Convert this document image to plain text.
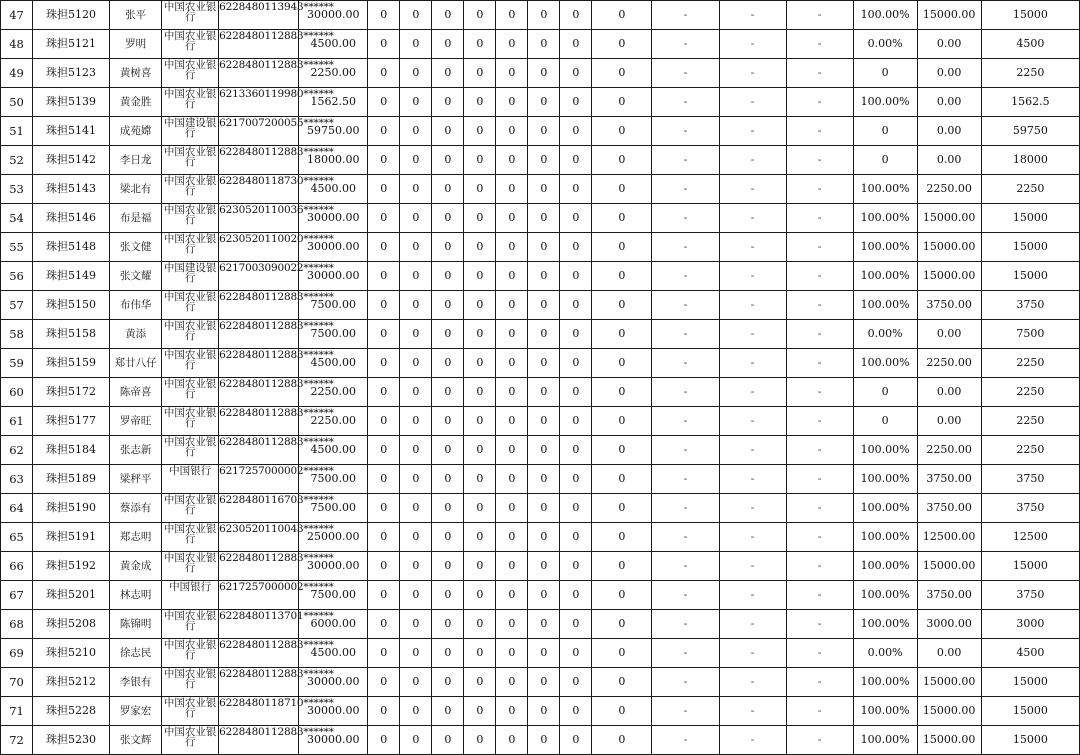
47	珠担5120	张平	中国农业银行	6228480113943******	30000.00	0	0	0	0	0	0	0	0	-	-	-	100.00%	15000.00	15000
48	珠担5121	罗明	中国农业银行	6228480112883******	4500.00	0	0	0	0	0	0	0	0	-	-	-	0.00%	0.00	4500
49	珠担5123	黄树喜	中国农业银行	6228480112883******	2250.00	0	0	0	0	0	0	0	0	-	-	-	0	0.00	2250
50	珠担5139	黄金胜	中国农业银行	6213360119980******	1562.50	0	0	0	0	0	0	0	0	-	-	-	100.00%	0.00	1562.5
51	珠担5141	成苑嫦	中国建设银行	6217007200055******	59750.00	0	0	0	0	0	0	0	0	-	-	-	0	0.00	59750
52	珠担5142	李日龙	中国农业银行	6228480112883******	18000.00	0	0	0	0	0	0	0	0	-	-	-	0	0.00	18000
53	珠担5143	梁北有	中国农业银行	6228480118730******	4500.00	0	0	0	0	0	0	0	0	-	-	-	100.00%	2250.00	2250
54	珠担5146	布是福	中国农业银行	6230520110036******	30000.00	0	0	0	0	0	0	0	0	-	-	-	100.00%	15000.00	15000
55	珠担5148	张文健	中国农业银行	6230520110020******	30000.00	0	0	0	0	0	0	0	0	-	-	-	100.00%	15000.00	15000
56	珠担5149	张文耀	中国建设银行	6217003090022******	30000.00	0	0	0	0	0	0	0	0	-	-	-	100.00%	15000.00	15000
57	珠担5150	布伟华	中国农业银行	6228480112883******	7500.00	0	0	0	0	0	0	0	0	-	-	-	100.00%	3750.00	3750
58	珠担5158	黄添	中国农业银行	6228480112883******	7500.00	0	0	0	0	0	0	0	0	-	-	-	0.00%	0.00	7500
59	珠担5159	郑廿八仔	中国农业银行	6228480112883******	4500.00	0	0	0	0	0	0	0	0	-	-	-	100.00%	2250.00	2250
60	珠担5172	陈帝喜	中国农业银行	6228480112883******	2250.00	0	0	0	0	0	0	0	0	-	-	-	0	0.00	2250
61	珠担5177	罗帝旺	中国农业银行	6228480112883******	2250.00	0	0	0	0	0	0	0	0	-	-	-	0	0.00	2250
62	珠担5184	张志新	中国农业银行	6228480112883******	4500.00	0	0	0	0	0	0	0	0	-	-	-	100.00%	2250.00	2250
63	珠担5189	梁秤平	中国银行	6217257000002******	7500.00	0	0	0	0	0	0	0	0	-	-	-	100.00%	3750.00	3750
64	珠担5190	蔡添有	中国农业银行	6228480116703******	7500.00	0	0	0	0	0	0	0	0	-	-	-	100.00%	3750.00	3750
65	珠担5191	郑志明	中国农业银行	6230520110043******	25000.00	0	0	0	0	0	0	0	0	-	-	-	100.00%	12500.00	12500
66	珠担5192	黄金成	中国农业银行	6228480112883******	30000.00	0	0	0	0	0	0	0	0	-	-	-	100.00%	15000.00	15000
67	珠担5201	林志明	中国银行	6217257000002******	7500.00	0	0	0	0	0	0	0	0	-	-	-	100.00%	3750.00	3750
68	珠担5208	陈锦明	中国农业银行	6228480113701******	6000.00	0	0	0	0	0	0	0	0	-	-	-	100.00%	3000.00	3000
69	珠担5210	徐志民	中国农业银行	6228480112883******	4500.00	0	0	0	0	0	0	0	0	-	-	-	0.00%	0.00	4500
70	珠担5212	李银有	中国农业银行	6228480112883******	30000.00	0	0	0	0	0	0	0	0	-	-	-	100.00%	15000.00	15000
71	珠担5228	罗家宏	中国农业银行	6228480118710******	30000.00	0	0	0	0	0	0	0	0	-	-	-	100.00%	15000.00	15000
72	珠担5230	张文辉	中国农业银行	6228480112883******	30000.00	0	0	0	0	0	0	0	0	-	-	-	100.00%	15000.00	15000
